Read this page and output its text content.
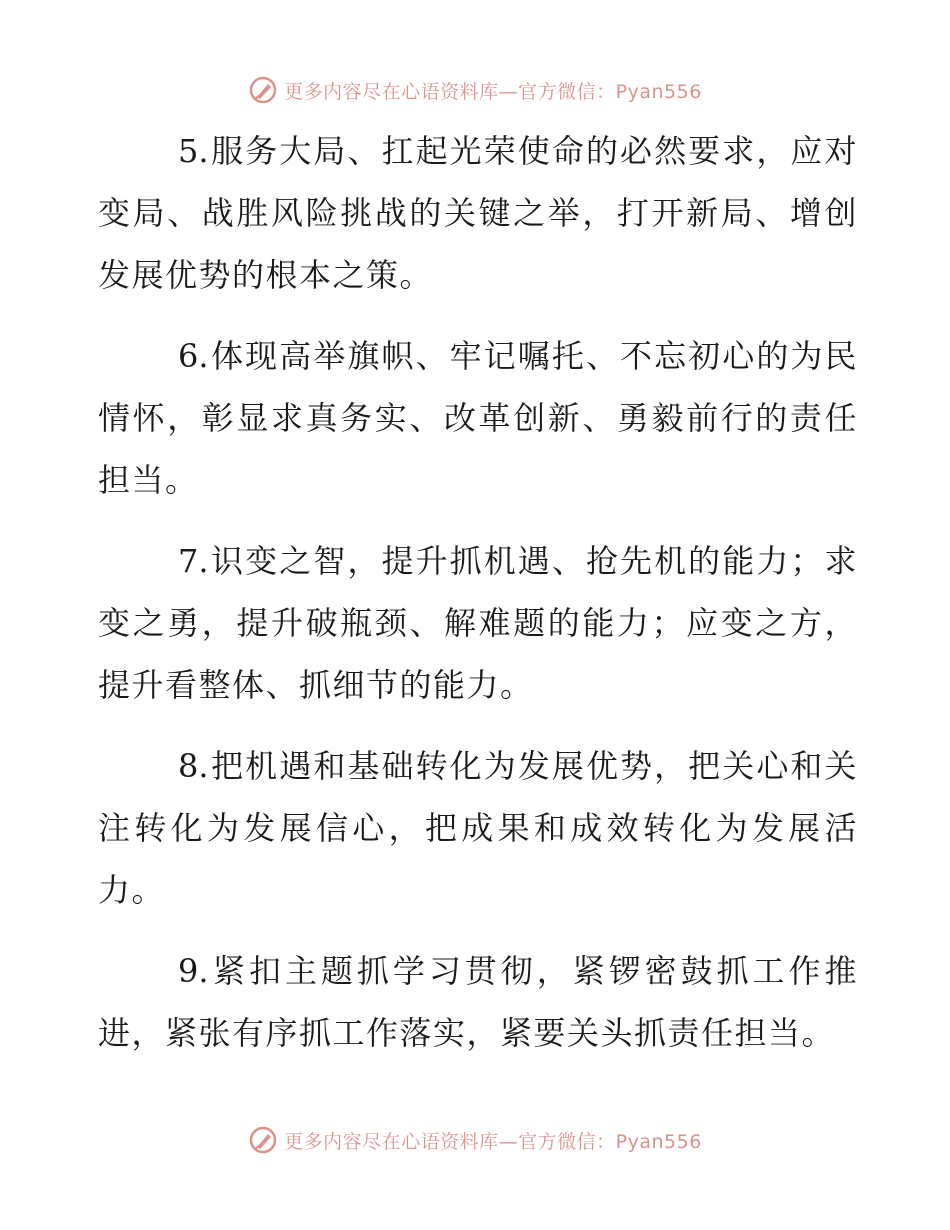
更多内容尽在心语资料库—官方微信：Pyan556

5.服务大局、扛起光荣使命的必然要求，应对变局、战胜风险挑战的关键之举，打开新局、增创发展优势的根本之策。

6.体现高举旗帜、牢记嘱托、不忘初心的为民情怀，彰显求真务实、改革创新、勇毅前行的责任担当。

7.识变之智，提升抓机遇、抢先机的能力；求变之勇，提升破瓶颈、解难题的能力；应变之方，提升看整体、抓细节的能力。

8.把机遇和基础转化为发展优势，把关心和关注转化为发展信心，把成果和成效转化为发展活力。

9.紧扣主题抓学习贯彻，紧锣密鼓抓工作推进，紧张有序抓工作落实，紧要关头抓责任担当。

更多内容尽在心语资料库—官方微信：Pyan556
